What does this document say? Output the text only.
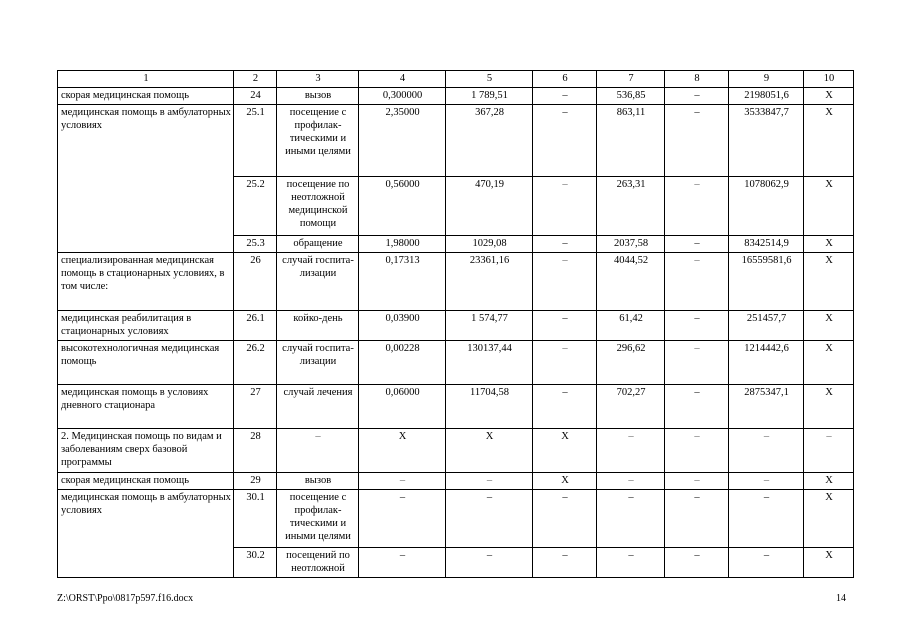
1	2	3	4	5	6	7	8	9	10
скорая медицинская помощь	24	вызов	0,300000	1 789,51	–	536,85	–	2198051,6	Х
медицинская помощь в амбулаторных условиях	25.1	посещение с профилак-тическими и иными целями	2,35000	367,28	–	863,11	–	3533847,7	Х
	25.2	посещение по неотложной медицинской помощи	0,56000	470,19	–	263,31	–	1078062,9	Х
	25.3	обращение	1,98000	1029,08	–	2037,58	–	8342514,9	Х
специализированная медицинская помощь в стационарных условиях, в том числе:	26	случай госпита-лизации	0,17313	23361,16	–	4044,52	–	16559581,6	Х
медицинская реабилитация в стационарных условиях	26.1	койко-день	0,03900	1 574,77	–	61,42	–	251457,7	Х
высокотехнологичная медицинская помощь	26.2	случай госпита-лизации	0,00228	130137,44	–	296,62	–	1214442,6	Х
медицинская помощь в условиях дневного стационара	27	случай лечения	0,06000	11704,58	–	702,27	–	2875347,1	Х
2. Медицинская помощь по видам и заболеваниям сверх базовой программы	28	–	Х	Х	Х	–	–	–	–
скорая медицинская помощь	29	вызов	–	–	Х	–	–	–	Х
медицинская помощь в амбулаторных условиях	30.1	посещение с профилак-тическими и иными целями	–	–	–	–	–	–	Х
	30.2	посещений по неотложной	–	–	–	–	–	–	Х
Z:\ORST\Ppo\0817p597.f16.docx	14
